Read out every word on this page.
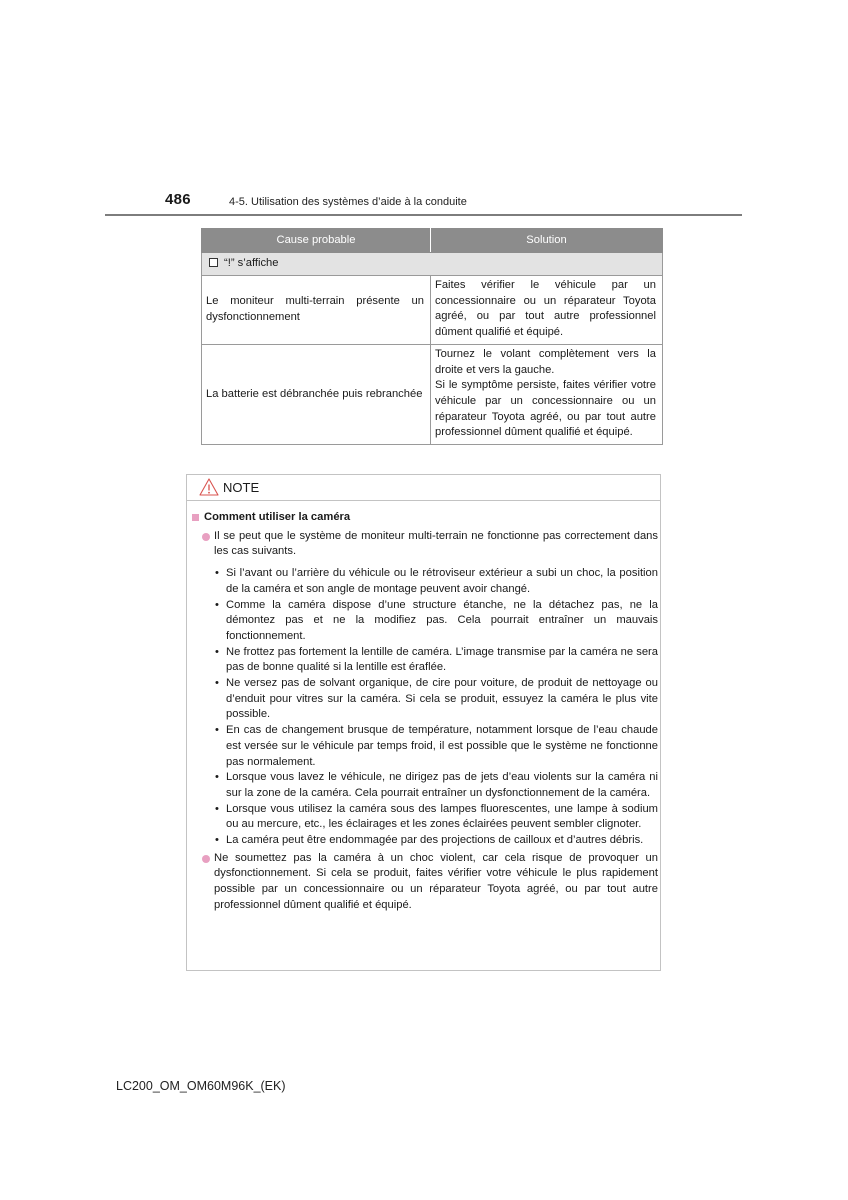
486	4-5. Utilisation des systèmes d’aide à la conduite
Cause probable	Solution
“!” s’affiche	
Le moniteur multi-terrain présente un dysfonctionnement	Faites vérifier le véhicule par un concessionnaire ou un réparateur Toyota agréé, ou par tout autre professionnel dûment qualifié et équipé.

La batterie est débranchée puis rebranchée	Tournez le volant complètement vers la droite et vers la gauche.
Si le symptôme persiste, faites vérifier votre véhicule par un concessionnaire ou un réparateur Toyota agréé, ou par tout autre professionnel dûment qualifié et équipé.
NOTE
Comment utiliser la caméra
Il se peut que le système de moniteur multi-terrain ne fonctionne pas correctement dans les cas suivants.
• Si l’avant ou l’arrière du véhicule ou le rétroviseur extérieur a subi un choc, la position de la caméra et son angle de montage peuvent avoir changé.
• Comme la caméra dispose d’une structure étanche, ne la détachez pas, ne la démontez pas et ne la modifiez pas. Cela pourrait entraîner un mauvais fonctionnement.
• Ne frottez pas fortement la lentille de caméra. L’image transmise par la caméra ne sera pas de bonne qualité si la lentille est éraflée.
• Ne versez pas de solvant organique, de cire pour voiture, de produit de nettoyage ou d’enduit pour vitres sur la caméra. Si cela se produit, essuyez la caméra le plus vite possible.
• En cas de changement brusque de température, notamment lorsque de l’eau chaude est versée sur le véhicule par temps froid, il est possible que le système ne fonctionne pas normalement.
• Lorsque vous lavez le véhicule, ne dirigez pas de jets d’eau violents sur la caméra ni sur la zone de la caméra. Cela pourrait entraîner un dysfonctionnement de la caméra.
• Lorsque vous utilisez la caméra sous des lampes fluorescentes, une lampe à sodium ou au mercure, etc., les éclairages et les zones éclairées peuvent sembler clignoter.
• La caméra peut être endommagée par des projections de cailloux et d’autres débris.
Ne soumettez pas la caméra à un choc violent, car cela risque de provoquer un dysfonctionnement. Si cela se produit, faites vérifier votre véhicule le plus rapidement possible par un concessionnaire ou un réparateur Toyota agréé, ou par tout autre professionnel dûment qualifié et équipé.
LC200_OM_OM60M96K_(EK)
